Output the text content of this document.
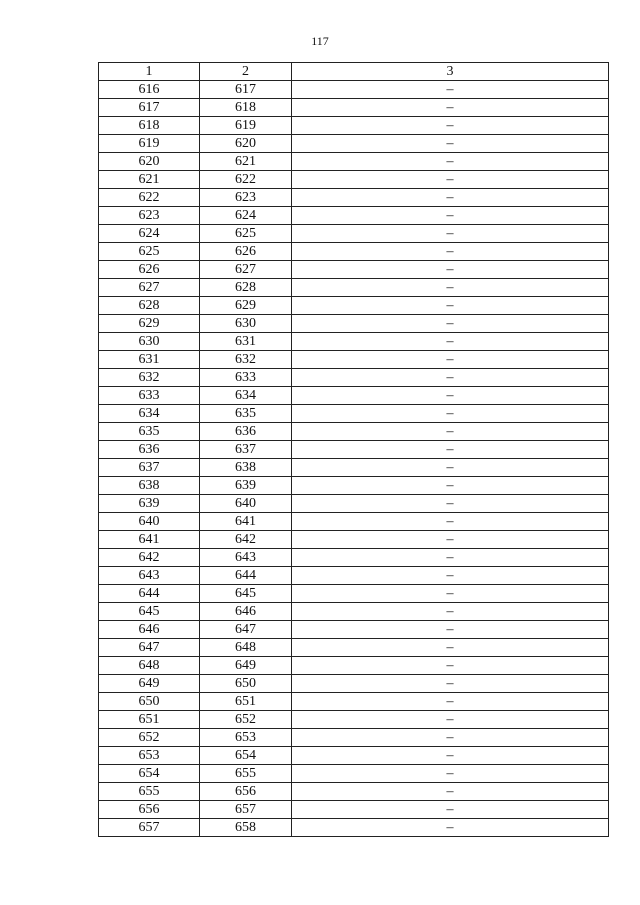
117
1	2	3
616	617	–
617	618	–
618	619	–
619	620	–
620	621	–
621	622	–
622	623	–
623	624	–
624	625	–
625	626	–
626	627	–
627	628	–
628	629	–
629	630	–
630	631	–
631	632	–
632	633	–
633	634	–
634	635	–
635	636	–
636	637	–
637	638	–
638	639	–
639	640	–
640	641	–
641	642	–
642	643	–
643	644	–
644	645	–
645	646	–
646	647	–
647	648	–
648	649	–
649	650	–
650	651	–
651	652	–
652	653	–
653	654	–
654	655	–
655	656	–
656	657	–
657	658	–
